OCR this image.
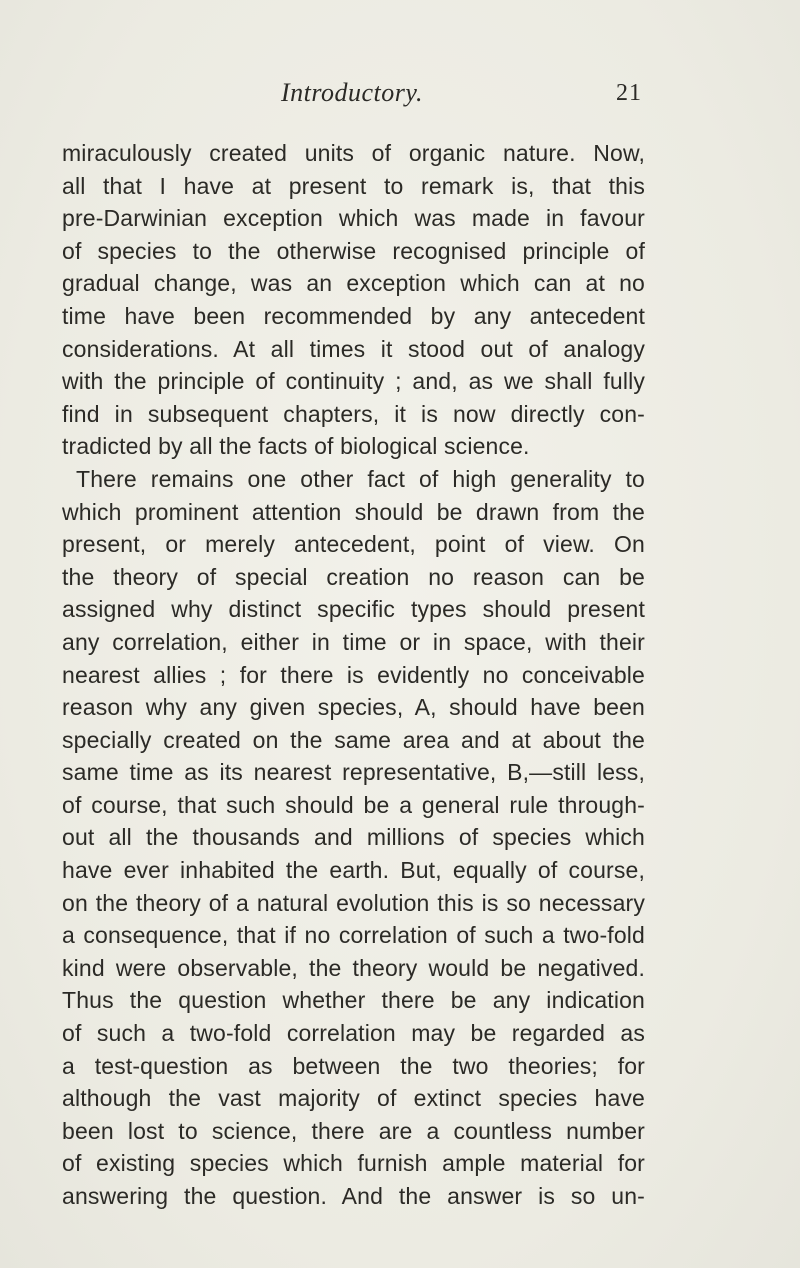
Introductory.	21
miraculously created units of organic nature. Now,
all that I have at present to remark is, that this
pre-Darwinian exception which was made in favour
of species to the otherwise recognised principle of
gradual change, was an exception which can at no
time have been recommended by any antecedent
considerations. At all times it stood out of analogy
with the principle of continuity ; and, as we shall fully
find in subsequent chapters, it is now directly con-
tradicted by all the facts of biological science.
There remains one other fact of high generality to
which prominent attention should be drawn from the
present, or merely antecedent, point of view. On
the theory of special creation no reason can be
assigned why distinct specific types should present
any correlation, either in time or in space, with their
nearest allies ; for there is evidently no conceivable
reason why any given species, A, should have been
specially created on the same area and at about the
same time as its nearest representative, B,—still less,
of course, that such should be a general rule through-
out all the thousands and millions of species which
have ever inhabited the earth. But, equally of course,
on the theory of a natural evolution this is so necessary
a consequence, that if no correlation of such a two-fold
kind were observable, the theory would be negatived.
Thus the question whether there be any indication
of such a two-fold correlation may be regarded as
a test-question as between the two theories; for
although the vast majority of extinct species have
been lost to science, there are a countless number
of existing species which furnish ample material for
answering the question. And the answer is so un-
